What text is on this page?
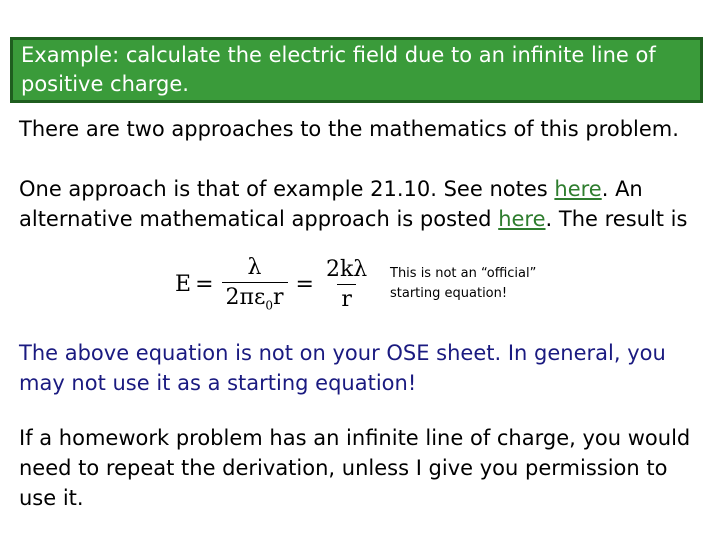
Example: calculate the electric field due to an infinite line of positive charge.
There are two approaches to the mathematics of this problem.
One approach is that of example 21.10. See notes here. An alternative mathematical approach is posted here. The result is
$E = \frac{\lambda}{2\pi\varepsilon_0r} = \frac{2k\lambda}{r}$ This is not an “official” starting equation!
The above equation is not on your OSE sheet. In general, you may not use it as a starting equation!
If a homework problem has an infinite line of charge, you would need to repeat the derivation, unless I give you permission to use it.
